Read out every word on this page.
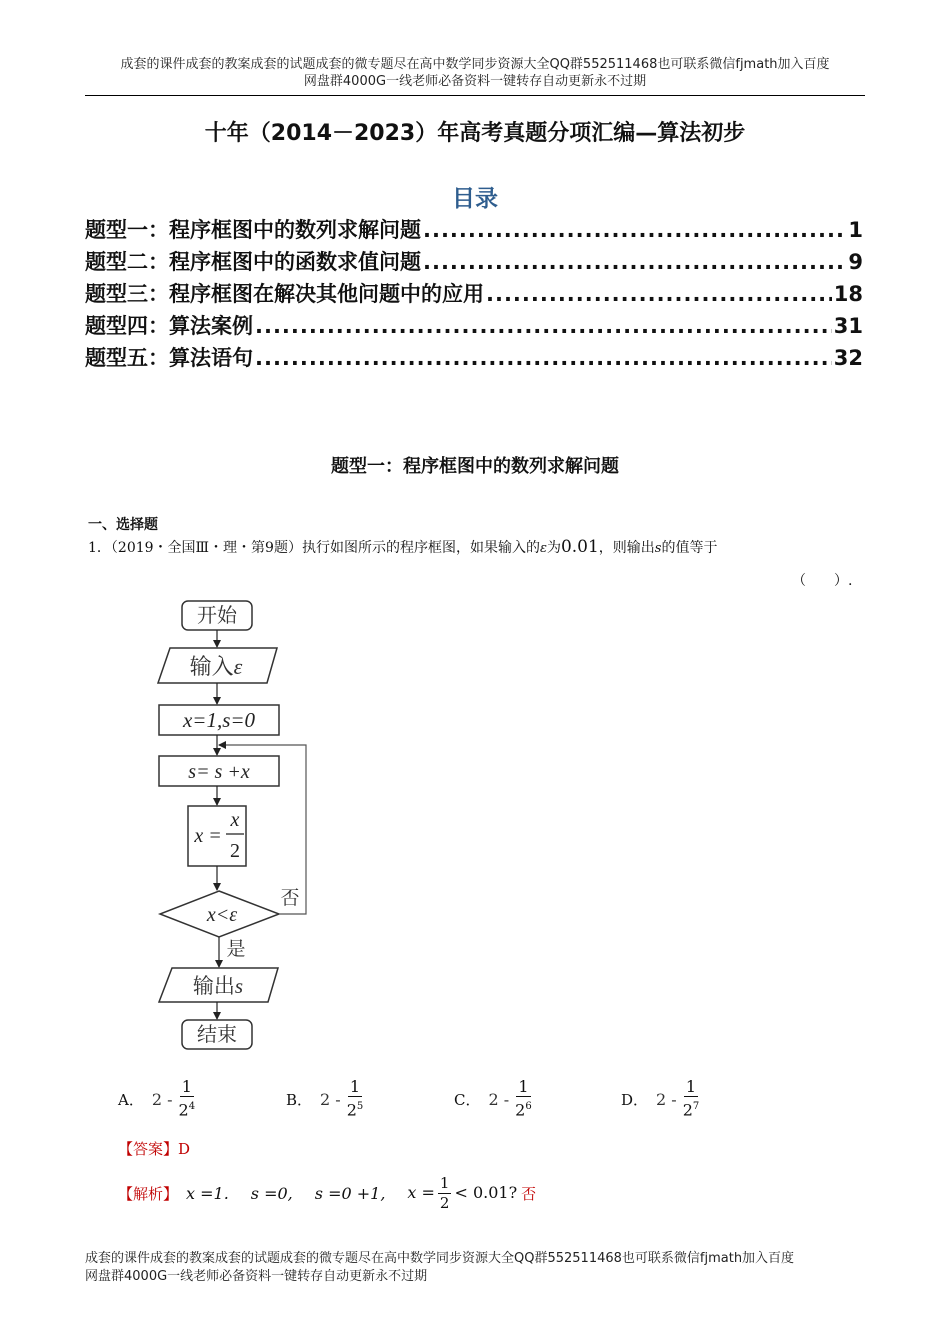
成套的课件成套的教案成套的试题成套的微专题尽在高中数学同步资源大全QQ群552511468也可联系微信fjmath加入百度
网盘群4000G一线老师必备资料一键转存自动更新永不过期
十年（2014－2023）年高考真题分项汇编—算法初步
目录
题型一：程序框图中的数列求解问题 .....	1
题型二：程序框图中的函数求值问题 .....	9
题型三：程序框图在解决其他问题中的应用 .....	18
题型四：算法案例 .....	31
题型五：算法语句 .....	32
题型一：程序框图中的数列求解问题
一、选择题
1．（2019・全国Ⅲ・理・第9题）执行如图所示的程序框图，如果输入的ε为0.01，则输出s的值等于
（　　）.
开始
输入ε
x=1,s=0
s= s +x
x =
x
2
x<ε
否
是
输出s
结束
A． $2 - \frac{1}{2^4}$	B． $2 - \frac{1}{2^5}$	C． $2 - \frac{1}{2^6}$	D． $2 - \frac{1}{2^7}$
【答案】D
【解析】 x =1. s =0, s =0 +1, $x = \frac{1}{2} < 0.01$? 否
成套的课件成套的教案成套的试题成套的微专题尽在高中数学同步资源大全QQ群552511468也可联系微信fjmath加入百度
网盘群4000G一线老师必备资料一键转存自动更新永不过期
